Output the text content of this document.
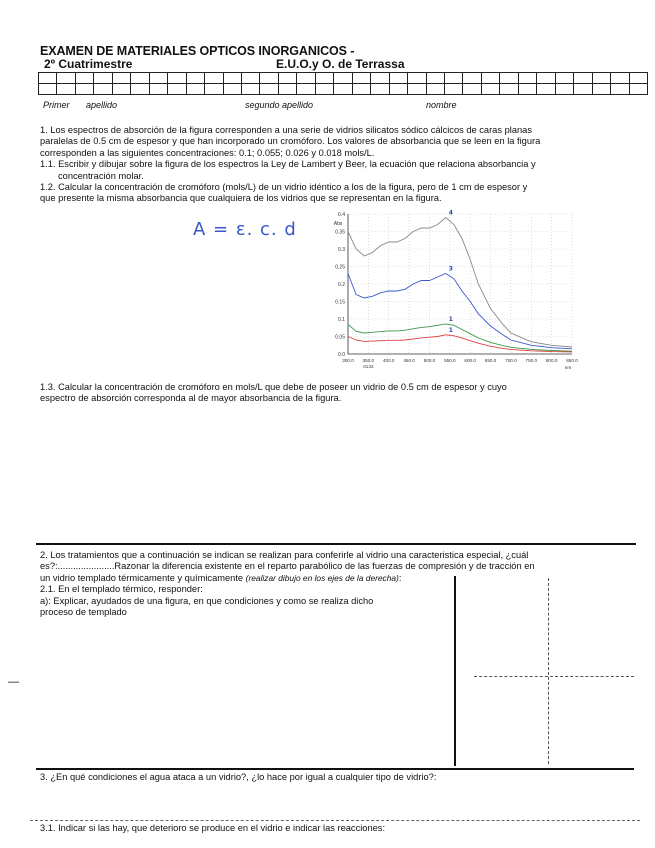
EXAMEN DE MATERIALES OPTICOS INORGANICOS -
2º Cuatrimestre	E.U.O.y O. de Terrassa

Primer apellido	segundo apellido	nombre

1. Los espectros de absorción de la figura corresponden a una serie de vidrios silicatos sódico cálcicos de caras planas

paralelas de 0.5 cm de espesor y que han incorporado un cromóforo. Los valores de absorbancia que se leen en la figura

corresponden a las siguientes concentraciones: 0.1; 0.055; 0.026 y 0.018 mols/L.

1.1. Escribir y dibujar sobre la figura de los espectros la Ley de Lambert y Beer, la ecuación que relaciona absorbancia y

concentración molar.

1.2. Calcular la concentración de cromóforo (mols/L) de un vidrio idéntico a los de la figura, pero de 1 cm de espesor y

que presente la misma absorbancia que cualquiera de los vidrios que se representan en la figura.

A = ε. c. d
0.0
0.05
0.1
0.15
0.2
0.25
0.3
0.35
0.4
300.0 350.0 400.0 450.0 500.0 550.0 600.0 650.0 700.0 750.0 800.0 850.0
Abs
nm
0133
4
3
1
1

1.3. Calcular la concentración de cromóforo en mols/L que debe de poseer un vidrio de 0.5 cm de espesor y cuyo

espectro de absorción corresponda al de mayor absorbancia de la figura.

2. Los tratamientos que a continuación se indican se realizan para conferirle al vidrio una caracteristica especial, ¿cuál

es?:......................Razonar la diferencia existente en el reparto parabólico de las fuerzas de compresión y de tracción en

un vidrio templado térmicamente y químicamente (realizar dibujo en los ejes de la derecha):

2.1. En el templado térmico, responder:

a): Explicar, ayudados de una figura, en que condiciones y como se realiza dicho

proceso de templado

—

3. ¿En qué condiciones el agua ataca a un vidrio?, ¿lo hace por igual a cualquier tipo de vidrio?:

3.1. Indicar si las hay, que deterioro se produce en el vidrio e indicar las reacciones:
